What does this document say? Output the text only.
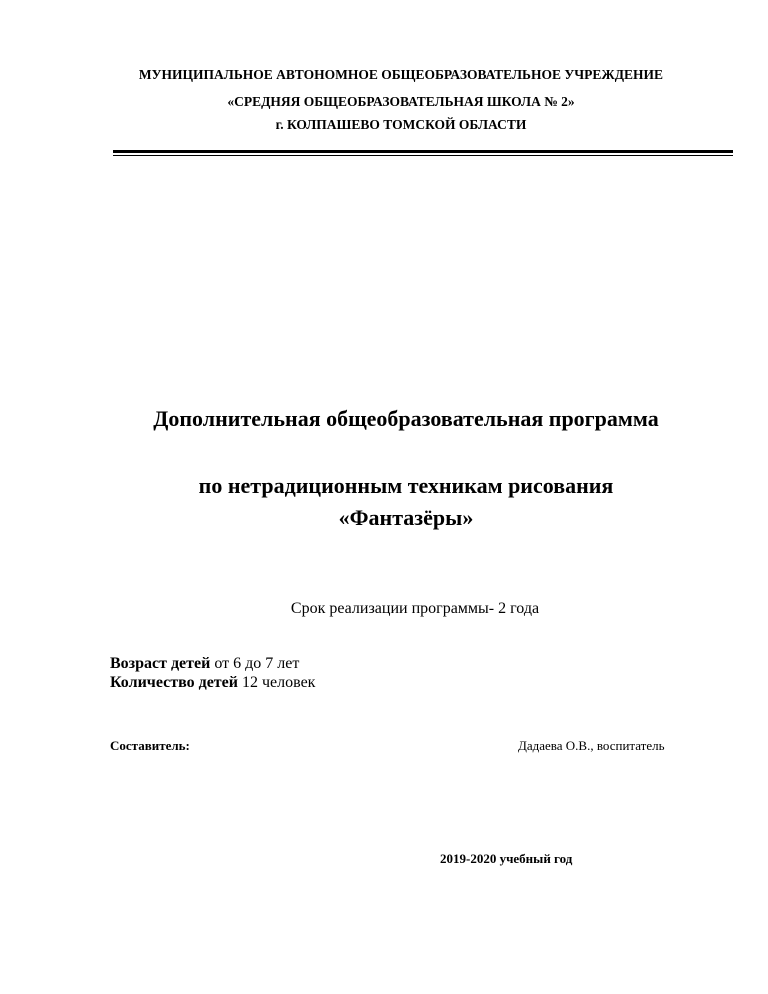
МУНИЦИПАЛЬНОЕ АВТОНОМНОЕ ОБЩЕОБРАЗОВАТЕЛЬНОЕ УЧРЕЖДЕНИЕ
«СРЕДНЯЯ ОБЩЕОБРАЗОВАТЕЛЬНАЯ ШКОЛА № 2»
г. КОЛПАШЕВО ТОМСКОЙ ОБЛАСТИ
Дополнительная общеобразовательная программа
по нетрадиционным техникам рисования
«Фантазёры»
Срок реализации программы- 2 года
Возраст детей от 6 до 7 лет
Количество детей 12 человек
Составитель:	Дадаева О.В., воспитатель
2019-2020 учебный год
